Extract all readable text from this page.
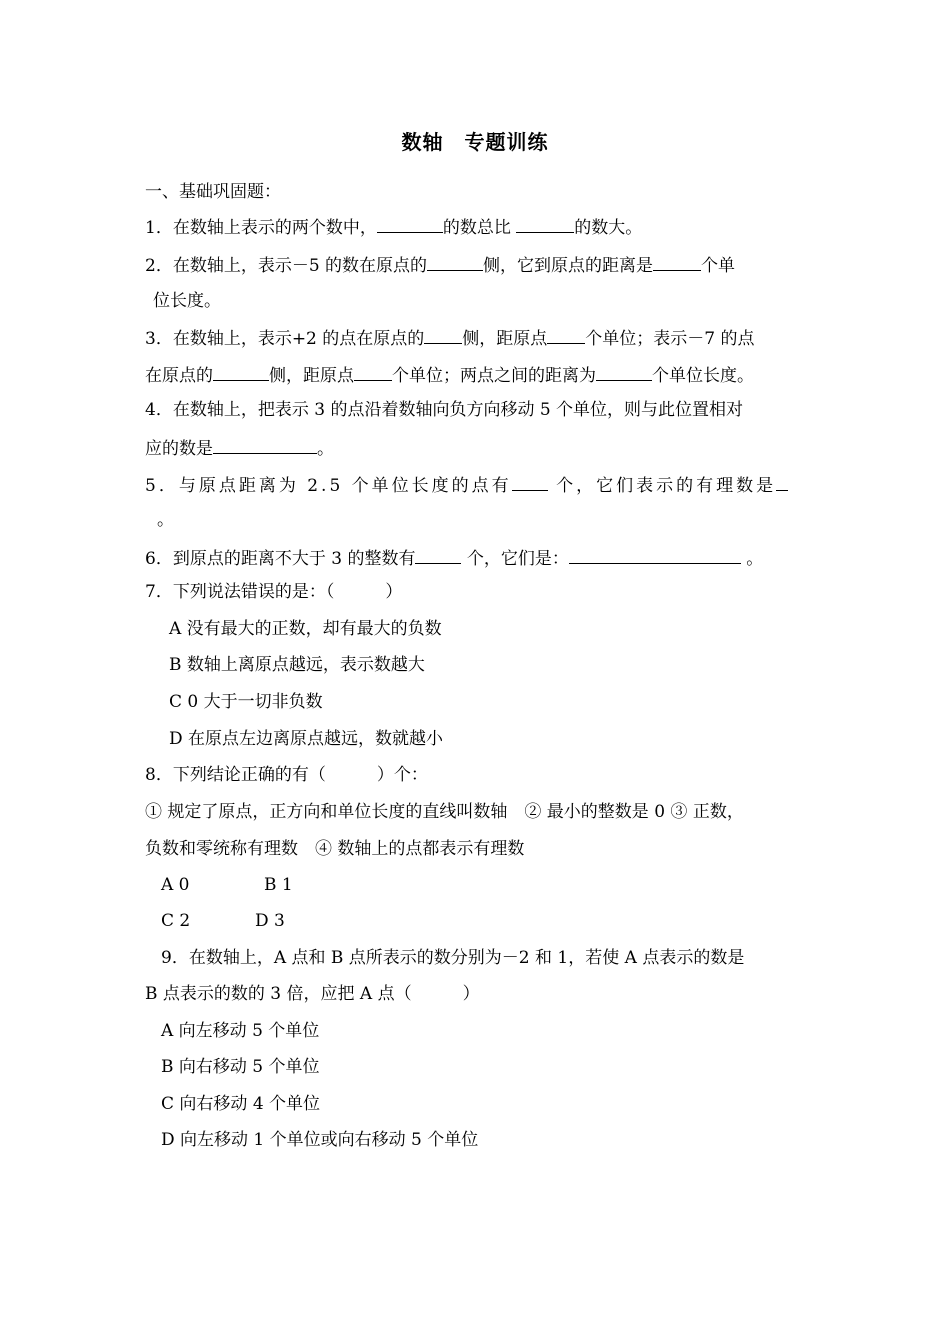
数轴　专题训练
一、基础巩固题：
1．在数轴上表示的两个数中，	的数总比	的数大。
2．在数轴上，表示－5 的数在原点的	侧，它到原点的距离是	个单
位长度。
3．在数轴上，表示+2 的点在原点的 侧，距原点 个单位；表示－7 的点
在原点的	侧，距原点 个单位；两点之间的距离为	个单位长度。
4．在数轴上，把表示 3 的点沿着数轴向负方向移动 5 个单位，则与此位置相对
应的数是	。
5．与原点距离为 2.5 个单位长度的点有 个，它们表示的有理数是
。
6．到原点的距离不大于 3 的整数有	个，它们是：	。
7．下列说法错误的是：（　　　）
A 没有最大的正数，却有最大的负数
B 数轴上离原点越远，表示数越大
C 0 大于一切非负数
D 在原点左边离原点越远，数就越小
8．下列结论正确的有（　　　）个：
① 规定了原点，正方向和单位长度的直线叫数轴　② 最小的整数是 0 ③ 正数，
负数和零统称有理数　④ 数轴上的点都表示有理数
A 0	B 1
C 2	D 3
9．在数轴上，A 点和 B 点所表示的数分别为－2 和 1，若使 A 点表示的数是
B 点表示的数的 3 倍，应把 A 点（　　　）
A 向左移动 5 个单位
B 向右移动 5 个单位
C 向右移动 4 个单位
D 向左移动 1 个单位或向右移动 5 个单位
